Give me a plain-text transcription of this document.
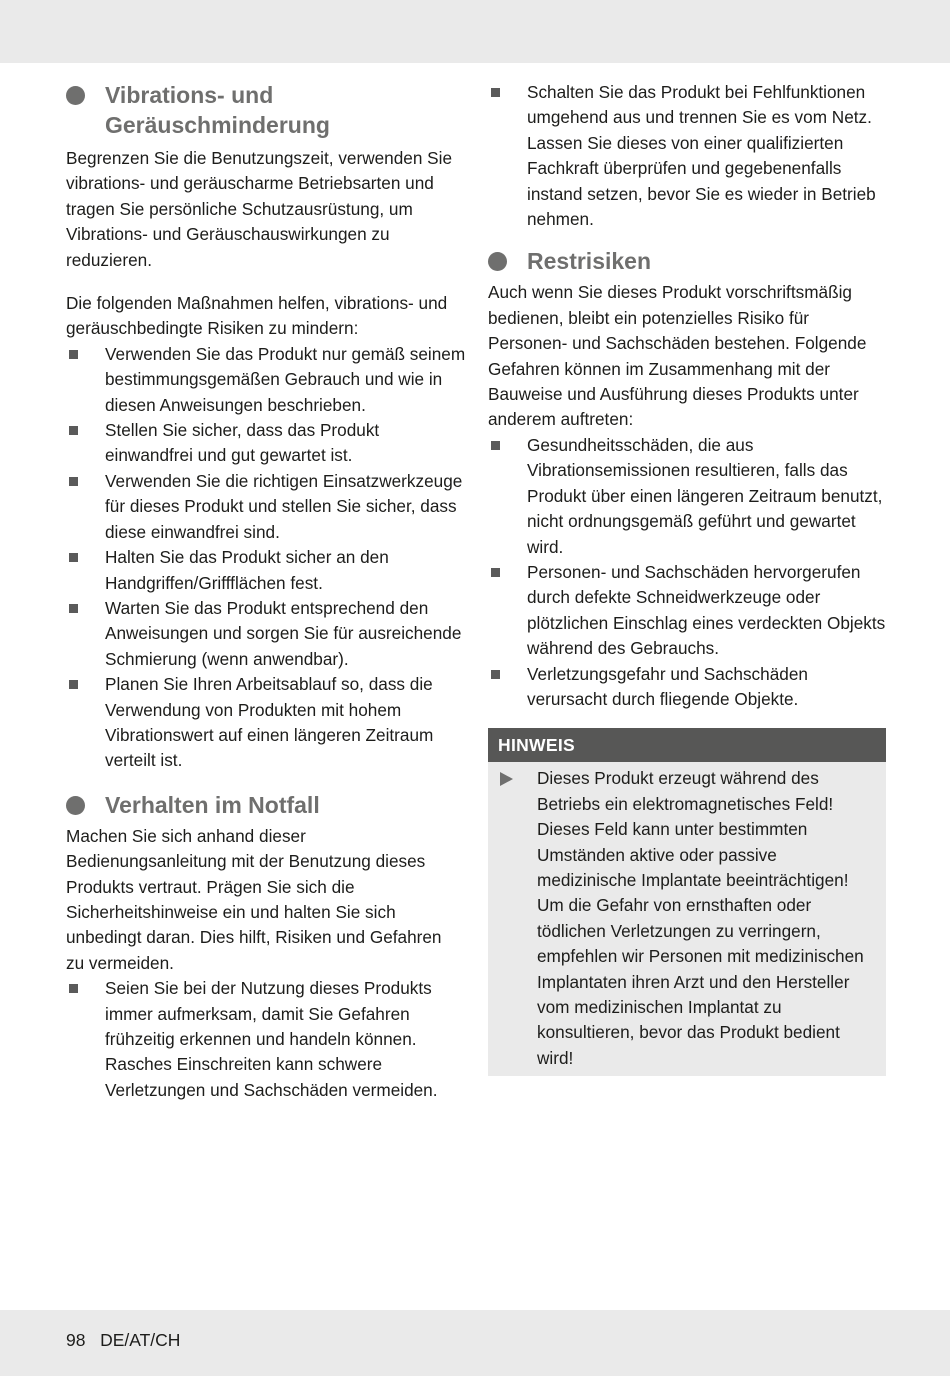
Vibrations- und Geräuschminderung

Begrenzen Sie die Benutzungszeit, verwenden Sie vibrations- und geräuscharme Betriebsarten und tragen Sie persönliche Schutzausrüstung, um Vibrations- und Geräuschauswirkungen zu reduzieren.

Die folgenden Maßnahmen helfen, vibrations- und geräuschbedingte Risiken zu mindern:

Verwenden Sie das Produkt nur gemäß seinem bestimmungsgemäßen Gebrauch und wie in diesen Anweisungen beschrieben.
Stellen Sie sicher, dass das Produkt einwandfrei und gut gewartet ist.
Verwenden Sie die richtigen Einsatzwerkzeuge für dieses Produkt und stellen Sie sicher, dass diese einwandfrei sind.
Halten Sie das Produkt sicher an den Handgriffen/Griffflächen fest.
Warten Sie das Produkt entsprechend den Anweisungen und sorgen Sie für ausreichende Schmierung (wenn anwendbar).
Planen Sie Ihren Arbeitsablauf so, dass die Verwendung von Produkten mit hohem Vibrationswert auf einen längeren Zeitraum verteilt ist.
Verhalten im Notfall

Machen Sie sich anhand dieser Bedienungsanleitung mit der Benutzung dieses Produkts vertraut. Prägen Sie sich die Sicherheitshinweise ein und halten Sie sich unbedingt daran. Dies hilft, Risiken und Gefahren zu vermeiden.

Seien Sie bei der Nutzung dieses Produkts immer aufmerksam, damit Sie Gefahren frühzeitig erkennen und handeln können. Rasches Einschreiten kann schwere Verletzungen und Sachschäden vermeiden.
Schalten Sie das Produkt bei Fehlfunktionen umgehend aus und trennen Sie es vom Netz. Lassen Sie dieses von einer qualifizierten Fachkraft überprüfen und gegebenenfalls instand setzen, bevor Sie es wieder in Betrieb nehmen.
Restrisiken

Auch wenn Sie dieses Produkt vorschriftsmäßig bedienen, bleibt ein potenzielles Risiko für Personen- und Sachschäden bestehen. Folgende Gefahren können im Zusammenhang mit der Bauweise und Ausführung dieses Produkts unter anderem auftreten:

Gesundheitsschäden, die aus Vibrationsemissionen resultieren, falls das Produkt über einen längeren Zeitraum benutzt, nicht ordnungsgemäß geführt und gewartet wird.
Personen- und Sachschäden hervorgerufen durch defekte Schneidwerkzeuge oder plötzlichen Einschlag eines verdeckten Objekts während des Gebrauchs.
Verletzungsgefahr und Sachschäden verursacht durch fliegende Objekte.
HINWEIS
Dieses Produkt erzeugt während des Betriebs ein elektromagnetisches Feld! Dieses Feld kann unter bestimmten Umständen aktive oder passive medizinische Implantate beeinträchtigen! Um die Gefahr von ernsthaften oder tödlichen Verletzungen zu verringern, empfehlen wir Personen mit medizinischen Implantaten ihren Arzt und den Hersteller vom medizinischen Implantat zu konsultieren, bevor das Produkt bedient wird!
98 DE/AT/CH
